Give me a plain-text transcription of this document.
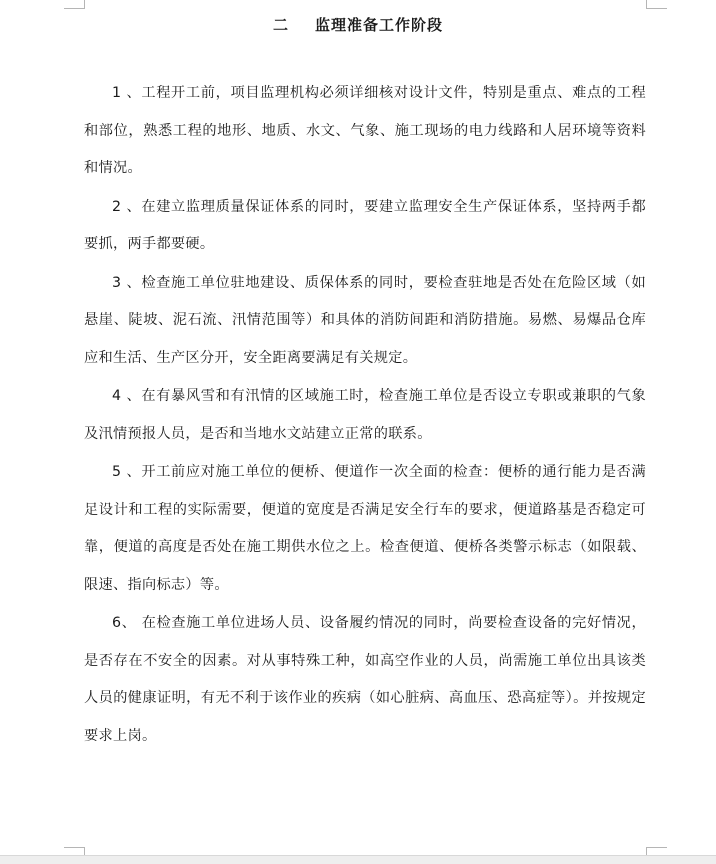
二 监理准备工作阶段

1 、工程开工前，项目监理机构必须详细核对设计文件，特别是重点、难点的工程和部位，熟悉工程的地形、地质、水文、气象、施工现场的电力线路和人居环境等资料和情况。

2 、在建立监理质量保证体系的同时，要建立监理安全生产保证体系，坚持两手都要抓，两手都要硬。

3 、检查施工单位驻地建设、质保体系的同时，要检查驻地是否处在危险区域（如悬崖、陡坡、泥石流、汛情范围等）和具体的消防间距和消防措施。易燃、易爆品仓库应和生活、生产区分开，安全距离要满足有关规定。

4 、在有暴风雪和有汛情的区域施工时，检查施工单位是否设立专职或兼职的气象及汛情预报人员，是否和当地水文站建立正常的联系。

5 、开工前应对施工单位的便桥、便道作一次全面的检查：便桥的通行能力是否满足设计和工程的实际需要，便道的宽度是否满足安全行车的要求，便道路基是否稳定可靠，便道的高度是否处在施工期供水位之上。检查便道、便桥各类警示标志（如限载、限速、指向标志）等。

6、 在检查施工单位进场人员、设备履约情况的同时，尚要检查设备的完好情况，是否存在不安全的因素。对从事特殊工种，如高空作业的人员，尚需施工单位出具该类人员的健康证明，有无不利于该作业的疾病（如心脏病、高血压、恐高症等）。并按规定要求上岗。
